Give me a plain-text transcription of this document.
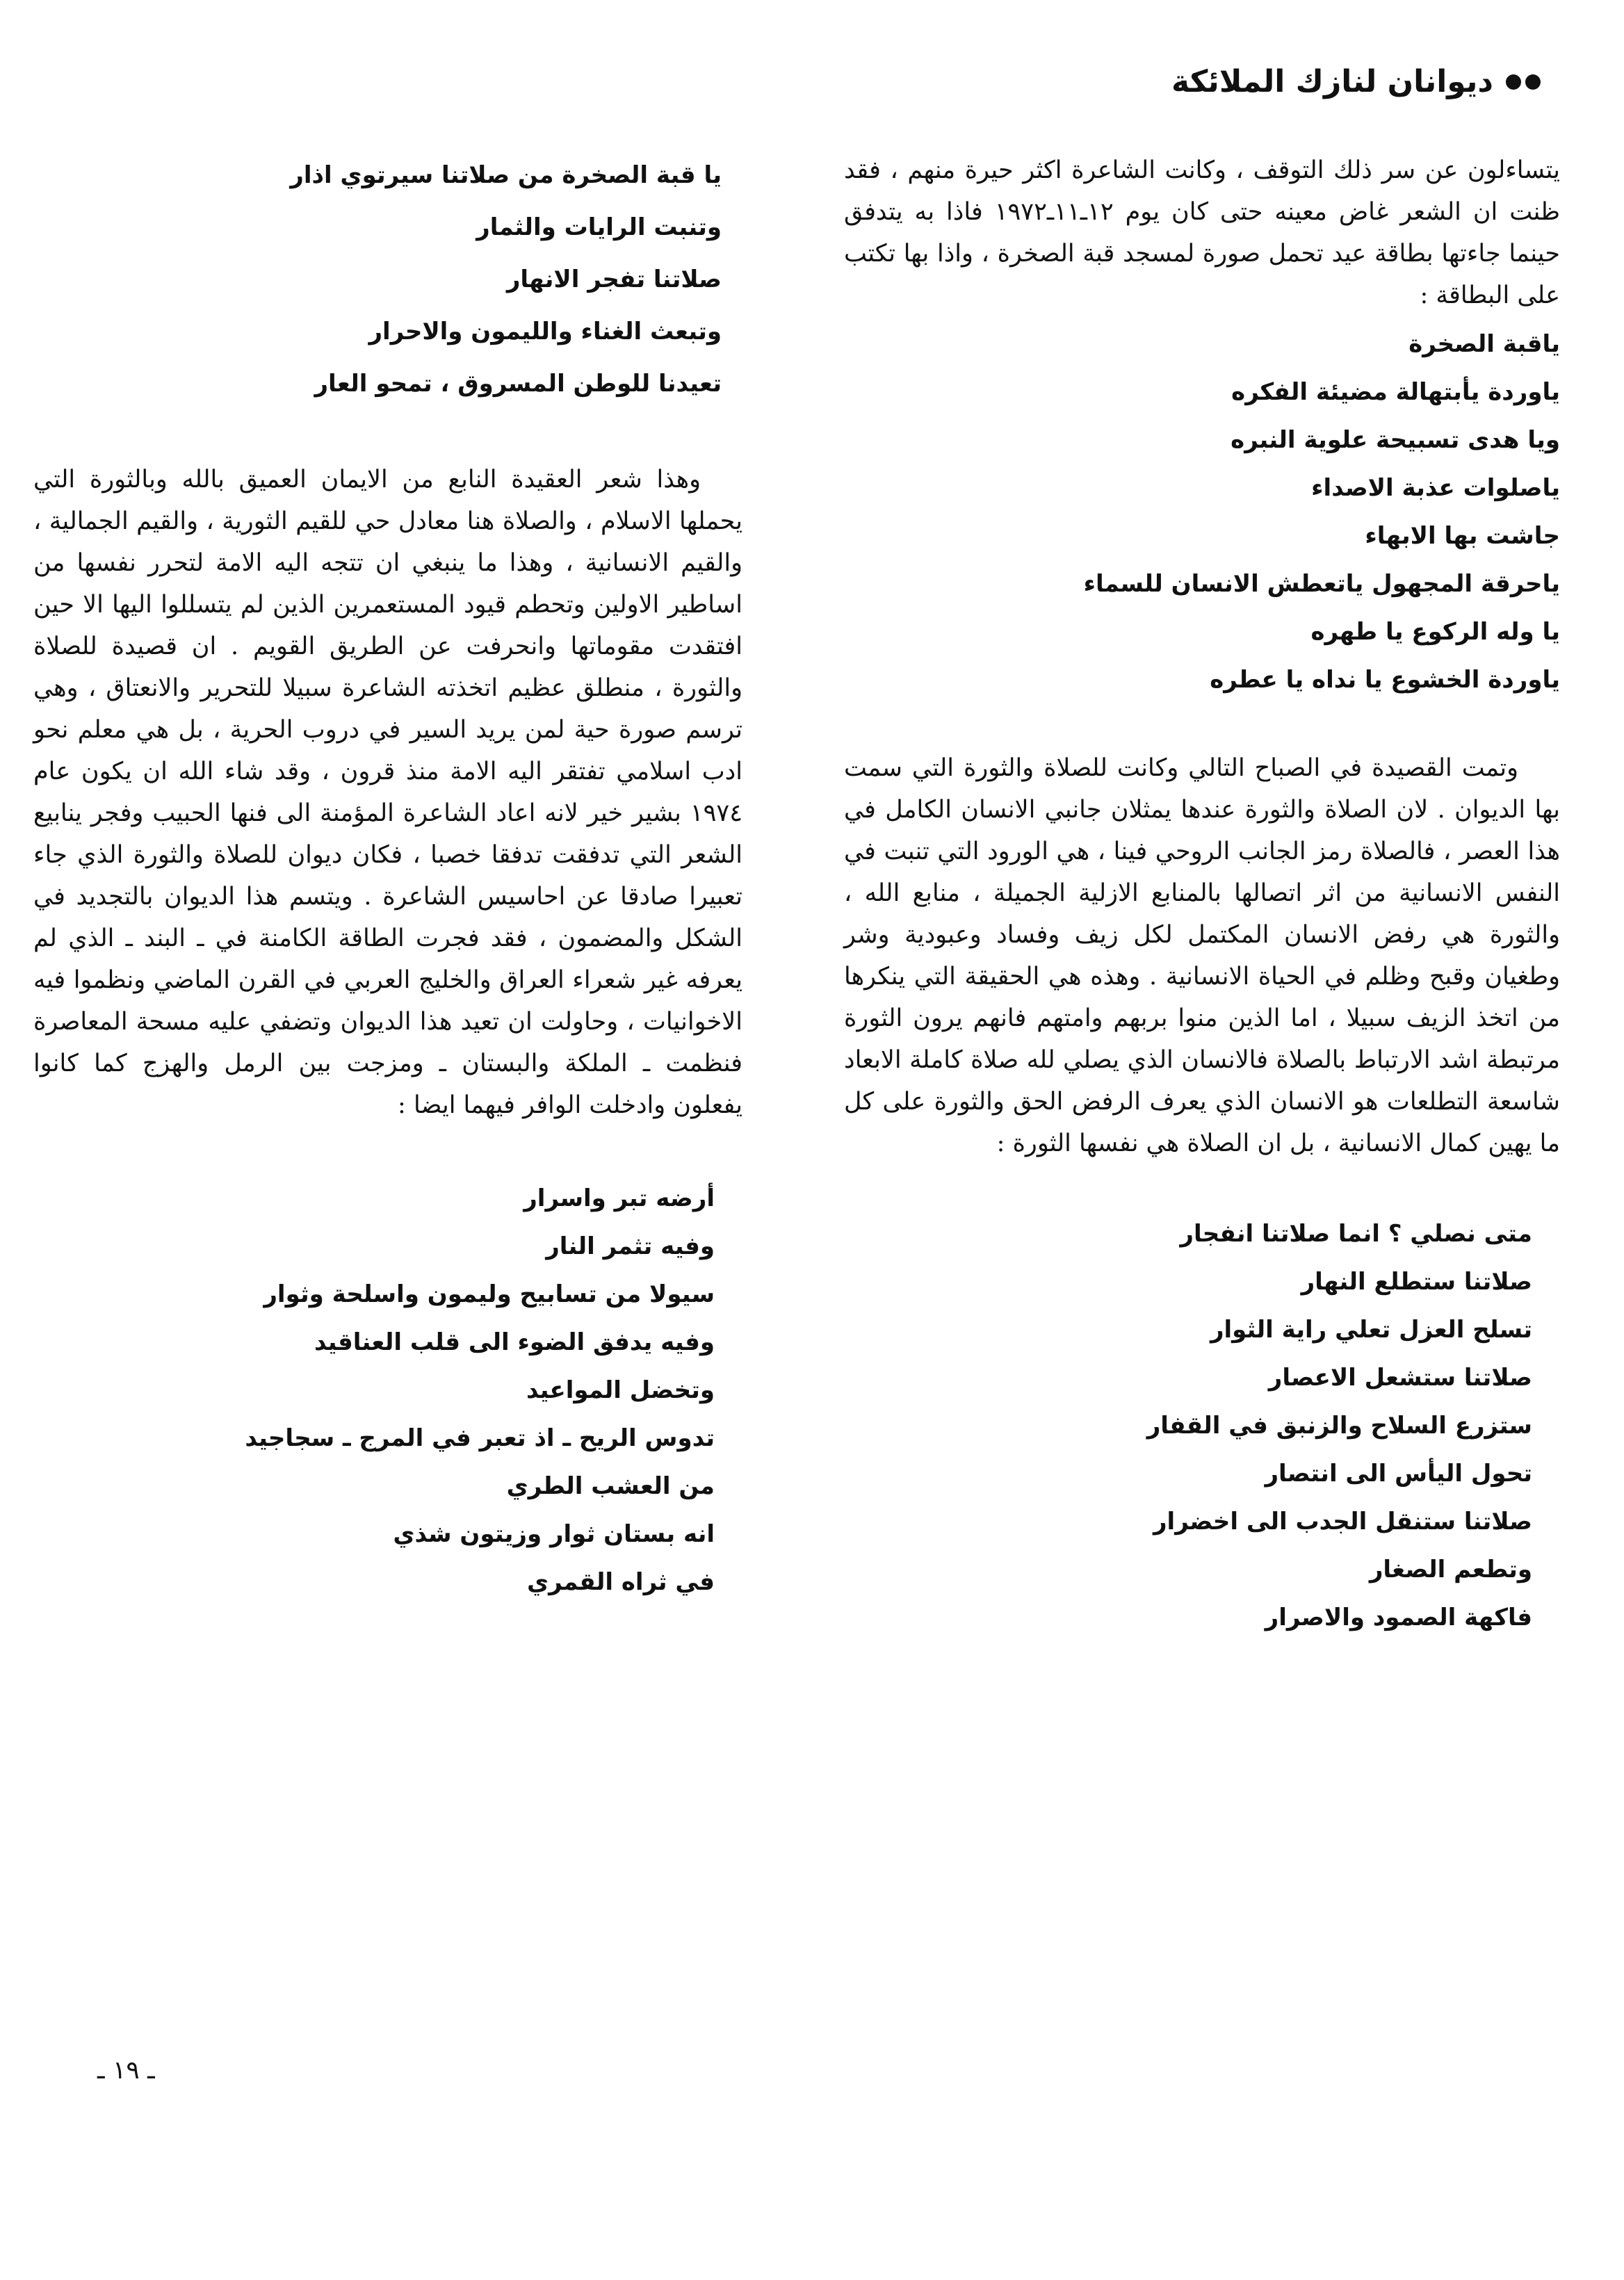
ديوانان لنازك الملائكة

يتساءلون عن سر ذلك التوقف ، وكانت الشاعرة اكثر حيرة منهم ، فقد ظنت ان الشعر غاض معينه حتى كان يوم ١٢ـ١١ـ١٩٧٢ فاذا به يتدفق حينما جاءتها بطاقة عيد تحمل صورة لمسجد قبة الصخرة ، واذا بها تكتب على البطاقة :

ياقبة الصخرة
ياوردة يأبتهالة مضيئة الفكره
ويا هدى تسبيحة علوية النبره
ياصلوات عذبة الاصداء
جاشت بها الابهاء
ياحرقة المجهول ياتعطش الانسان للسماء
يا وله الركوع يا طهره
ياوردة الخشوع يا نداه يا عطره

وتمت القصيدة في الصباح التالي وكانت للصلاة والثورة التي سمت بها الديوان . لان الصلاة والثورة عندها يمثلان جانبي الانسان الكامل في هذا العصر ، فالصلاة رمز الجانب الروحي فينا ، هي الورود التي تنبت في النفس الانسانية من اثر اتصالها بالمنابع الازلية الجميلة ، منابع الله ، والثورة هي رفض الانسان المكتمل لكل زيف وفساد وعبودية وشر وطغيان وقبح وظلم في الحياة الانسانية . وهذه هي الحقيقة التي ينكرها من اتخذ الزيف سبيلا ، اما الذين منوا بربهم وامتهم فانهم يرون الثورة مرتبطة اشد الارتباط بالصلاة فالانسان الذي يصلي لله صلاة كاملة الابعاد شاسعة التطلعات هو الانسان الذي يعرف الرفض الحق والثورة على كل ما يهين كمال الانسانية ، بل ان الصلاة هي نفسها الثورة :

متى نصلي ؟ انما صلاتنا انفجار
صلاتنا ستطلع النهار
تسلح العزل تعلي راية الثوار
صلاتنا ستشعل الاعصار
ستزرع السلاح والزنبق في القفار
تحول اليأس الى انتصار
صلاتنا ستنقل الجدب الى اخضرار
وتطعم الصغار
فاكهة الصمود والاصرار
يا قبة الصخرة من صلاتنا سيرتوي اذار
وتنبت الرايات والثمار
صلاتنا تفجر الانهار
وتبعث الغناء والليمون والاحرار
تعيدنا للوطن المسروق ، تمحو العار

وهذا شعر العقيدة النابع من الايمان العميق بالله وبالثورة التي يحملها الاسلام ، والصلاة هنا معادل حي للقيم الثورية ، والقيم الجمالية ، والقيم الانسانية ، وهذا ما ينبغي ان تتجه اليه الامة لتحرر نفسها من اساطير الاولين وتحطم قيود المستعمرين الذين لم يتسللوا اليها الا حين افتقدت مقوماتها وانحرفت عن الطريق القويم . ان قصيدة للصلاة والثورة ، منطلق عظيم اتخذته الشاعرة سبيلا للتحرير والانعتاق ، وهي ترسم صورة حية لمن يريد السير في دروب الحرية ، بل هي معلم نحو ادب اسلامي تفتقر اليه الامة منذ قرون ، وقد شاء الله ان يكون عام ١٩٧٤ بشير خير لانه اعاد الشاعرة المؤمنة الى فنها الحبيب وفجر ينابيع الشعر التي تدفقت تدفقا خصبا ، فكان ديوان للصلاة والثورة الذي جاء تعبيرا صادقا عن احاسيس الشاعرة . ويتسم هذا الديوان بالتجديد في الشكل والمضمون ، فقد فجرت الطاقة الكامنة في ـ البند ـ الذي لم يعرفه غير شعراء العراق والخليج العربي في القرن الماضي ونظموا فيه الاخوانيات ، وحاولت ان تعيد هذا الديوان وتضفي عليه مسحة المعاصرة فنظمت ـ الملكة والبستان ـ ومزجت بين الرمل والهزج كما كانوا يفعلون وادخلت الوافر فيهما ايضا :

أرضه تبر واسرار
وفيه تثمر النار
سيولا من تسابيح وليمون واسلحة وثوار
وفيه يدفق الضوء الى قلب العناقيد
وتخضل المواعيد
تدوس الريح ـ اذ تعبر في المرج ـ سجاجيد
من العشب الطري
انه بستان ثوار وزيتون شذي
في ثراه القمري
ـ ١٩ ـ
